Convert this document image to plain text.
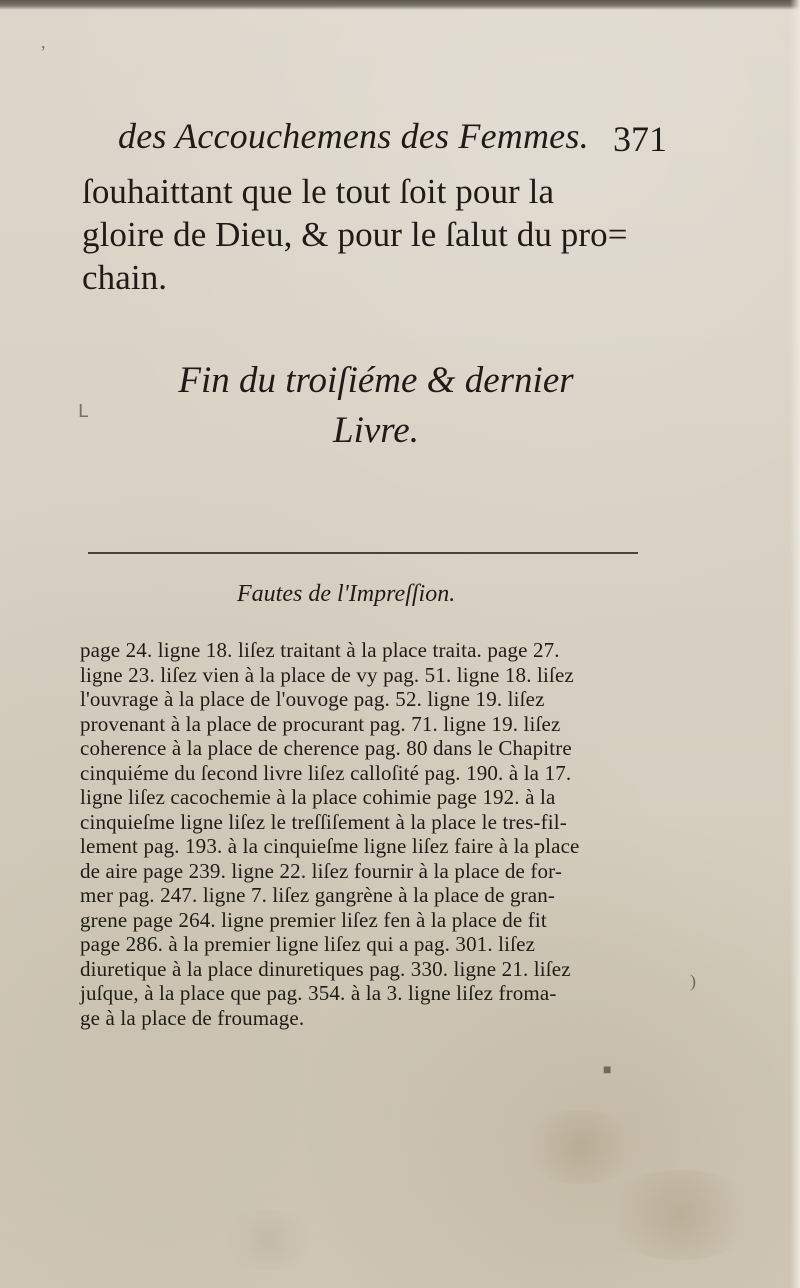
des Accouchemens des Femmes. 371
ſouhaittant que le tout ſoit pour la
gloire de Dieu, & pour le ſalut du pro=
chain.
Fin du troiſiéme & dernier
Livre.
Fautes de l'Impreſſion.
page 24. ligne 18. liſez traitant à la place traita. page 27.
ligne 23. liſez vien à la place de vy pag. 51. ligne 18. liſez
l'ouvrage à la place de l'ouvoge pag. 52. ligne 19. liſez
provenant à la place de procurant pag. 71. ligne 19. liſez
coherence à la place de cherence pag. 80 dans le Chapitre
cinquiéme du ſecond livre liſez calloſité pag. 190. à la 17.
ligne liſez cacochemie à la place cohimie page 192. à la
cinquieſme ligne liſez le treſſiſement à la place le tres-fil-
lement pag. 193. à la cinquieſme ligne liſez faire à la place
de aire page 239. ligne 22. liſez fournir à la place de for-
mer pag. 247. ligne 7. liſez gangrène à la place de gran-
grene page 264. ligne premier liſez fen à la place de fit
page 286. à la premier ligne liſez qui a pag. 301. liſez
diuretique à la place dinuretiques pag. 330. ligne 21. liſez
juſque, à la place que pag. 354. à la 3. ligne liſez froma-
ge à la place de froumage.
,
ᒪ
)
■
